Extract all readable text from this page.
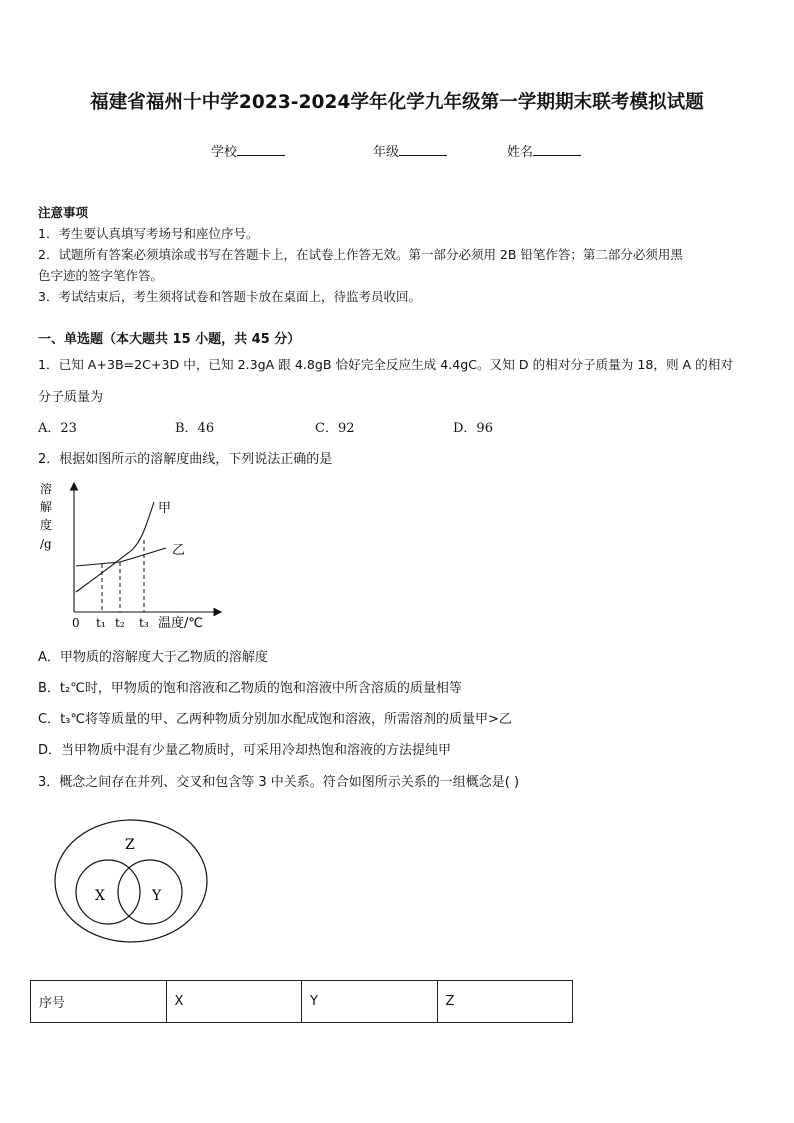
福建省福州十中学2023-2024学年化学九年级第一学期期末联考模拟试题
学校	年级	姓名
注意事项
1．考生要认真填写考场号和座位序号。
2．试题所有答案必须填涂或书写在答题卡上，在试卷上作答无效。第一部分必须用 2B 铅笔作答；第二部分必须用黑
色字迹的签字笔作答。
3．考试结束后，考生须将试卷和答题卡放在桌面上，待监考员收回。
一、单选题（本大题共 15 小题，共 45 分）
1．已知 A+3B=2C+3D 中，已知 2.3gA 跟 4.8gB 恰好完全反应生成 4.4gC。又知 D 的相对分子质量为 18，则 A 的相对
分子质量为
A．23	B．46	C．92	D．96
2．根据如图所示的溶解度曲线，下列说法正确的是
溶
解
度
/g
甲
乙
0 t₁ t₂ t₃ 温度/℃
A．甲物质的溶解度大于乙物质的溶解度
B．t₂℃时，甲物质的饱和溶液和乙物质的饱和溶液中所含溶质的质量相等
C．t₃℃将等质量的甲、乙两种物质分别加水配成饱和溶液，所需溶剂的质量甲>乙
D．当甲物质中混有少量乙物质时，可采用冷却热饱和溶液的方法提纯甲
3．概念之间存在并列、交叉和包含等 3 中关系。符合如图所示关系的一组概念是( )
Z
X	Y
序号	X	Y	Z
